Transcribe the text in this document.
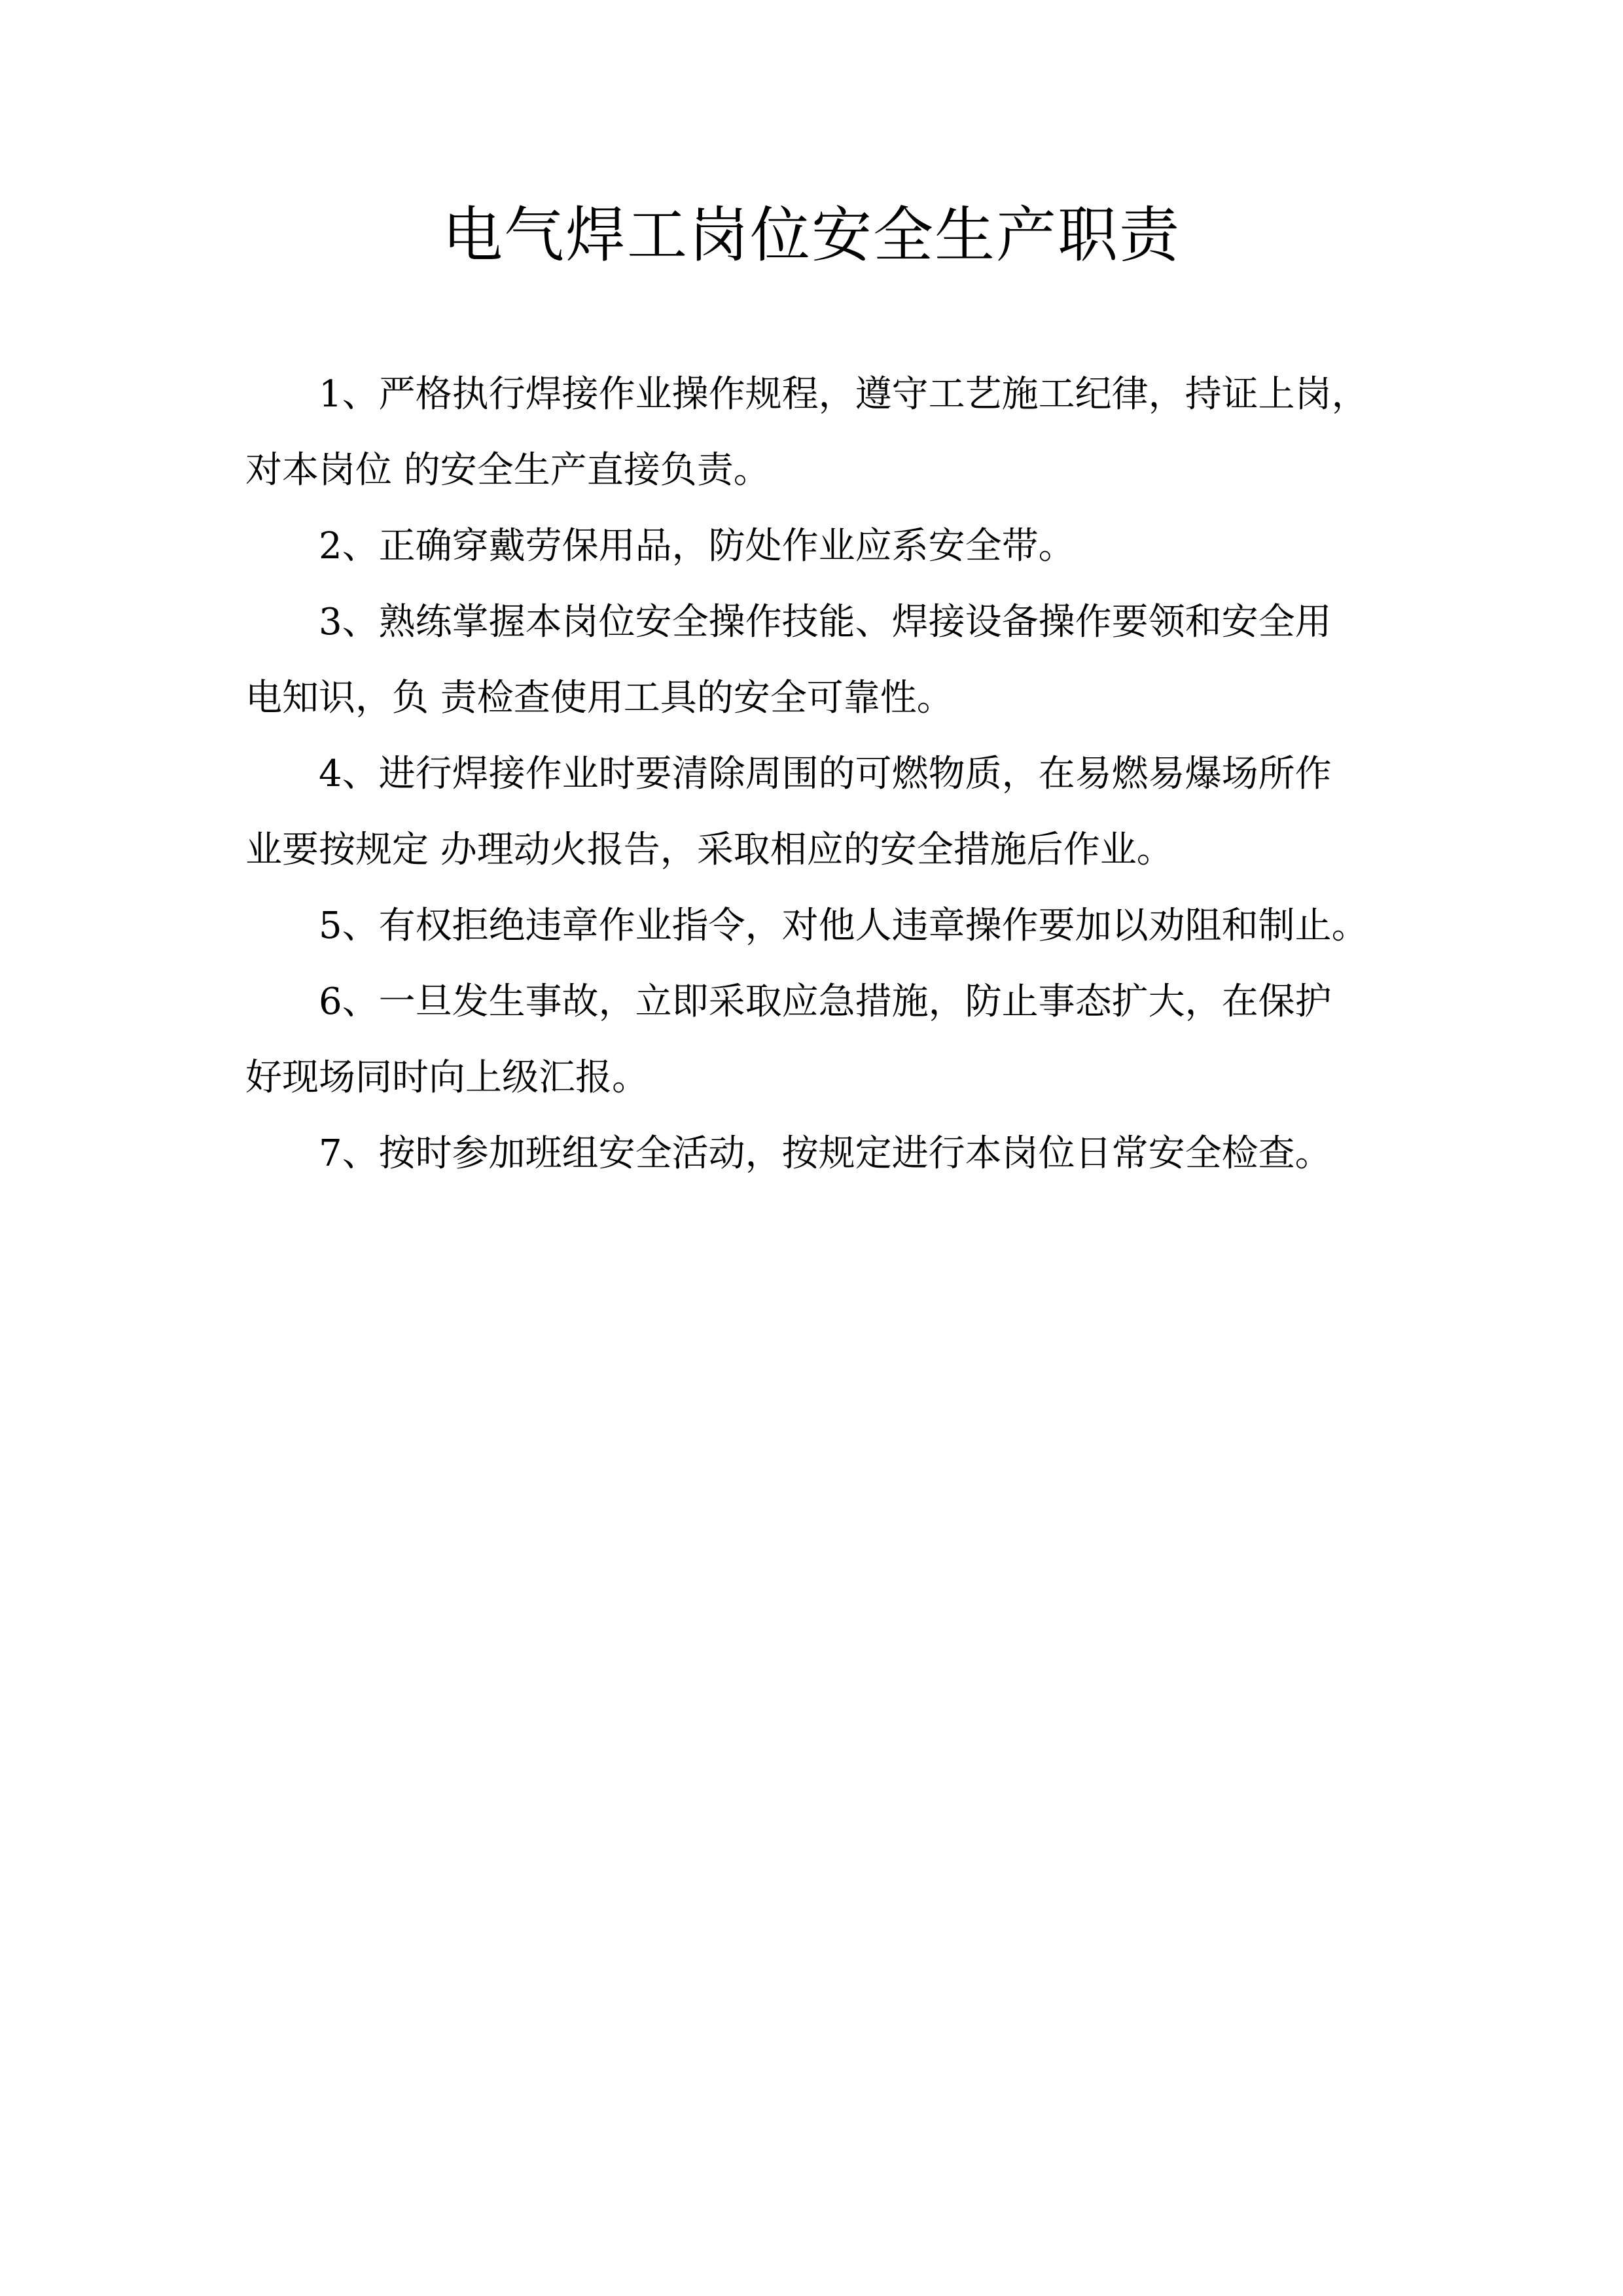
电气焊工岗位安全生产职责

1、严格执行焊接作业操作规程，遵守工艺施工纪律，持证上岗，
对本岗位 的安全生产直接负责。

2、正确穿戴劳保用品，防处作业应系安全带。

3、熟练掌握本岗位安全操作技能、焊接设备操作要领和安全用
电知识，负 责检查使用工具的安全可靠性。

4、进行焊接作业时要清除周围的可燃物质，在易燃易爆场所作
业要按规定 办理动火报告，采取相应的安全措施后作业。

5、有权拒绝违章作业指令，对他人违章操作要加以劝阻和制止。

6、一旦发生事故，立即采取应急措施，防止事态扩大，在保护
好现场同时向上级汇报。

7、按时参加班组安全活动，按规定进行本岗位日常安全检查。
